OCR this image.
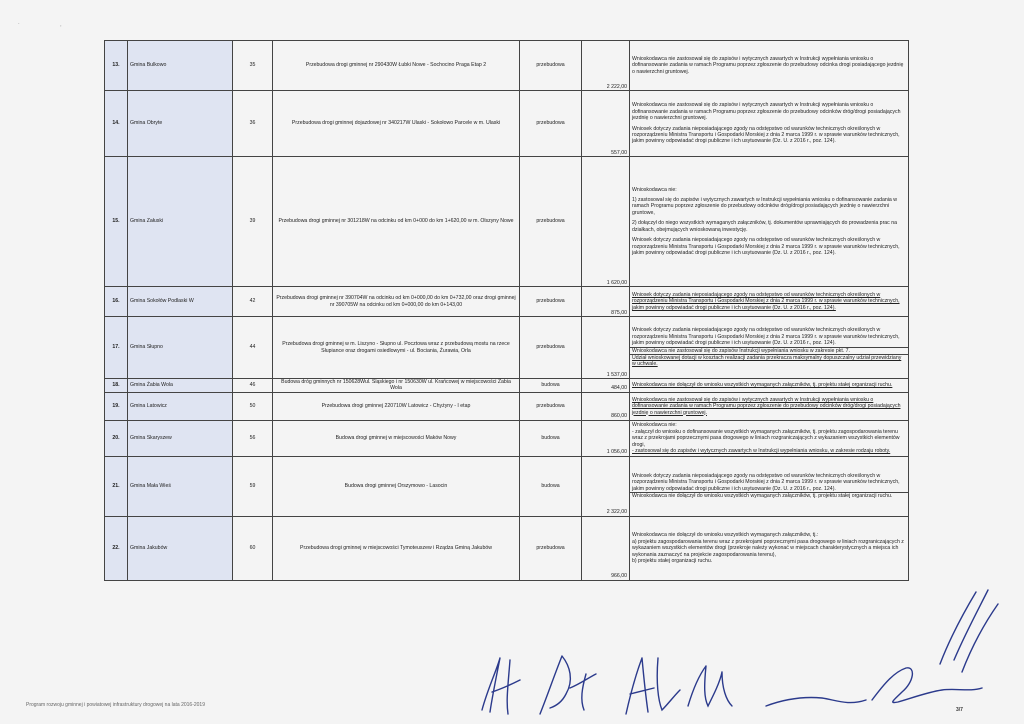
13.	Gmina Bulkowo	35	Przebudowa drogi gminnej nr 290430W Łubki Nowe - Sochocino Praga Etap 2	przebudowa	2 222,00	Wnioskodawca nie zastosował się do zapisów i wytycznych zawartych w Instrukcji wypełniania wniosku o dofinansowanie zadania w ramach Programu poprzez zgłoszenie do przebudowy odcinka drogi posiadającego jezdnię o nawierzchni gruntowej.

14.	Gmina Obryte	36	Przebudowa drogi gminnej dojazdowej nr 340217W Ulaski - Sokołowo Parcele w m. Ulaski	przebudowa	557,00	Wnioskodawca nie zastosował się do zapisów i wytycznych zawartych w Instrukcji wypełniania wniosku o dofinansowanie zadania w ramach Programu poprzez zgłoszenie do przebudowy odcinków dróg/drogi posiadających jezdnię o nawierzchni gruntowej.
Wniosek dotyczy zadania nieposiadającego zgody na odstępstwo od warunków technicznych określonych w rozporządzeniu Ministra Transportu i Gospodarki Morskiej z dnia 2 marca 1999 r. w sprawie warunków technicznych, jakim powinny odpowiadać drogi publiczne i ich usytuowanie (Dz. U. z 2016 r., poz. 124).

15.	Gmina Załuski	39	Przebudowa drogi gminnej nr 301218W na odcinku od km 0+000 do km 1+620,00 w m. Olszyny Nowe	przebudowa	1 620,00	Wnioskodawca nie:
1) zastosował się do zapisów i wytycznych zawartych w Instrukcji wypełniania wniosku o dofinansowanie zadania w ramach Programu poprzez zgłoszenie do przebudowy odcinków dróg/drogi posiadających jezdnię o nawierzchni gruntowe,
2) dołączył do niego wszystkich wymaganych załączników, tj. dokumentów uprawniających do prowadzenia prac na działkach, obejmujących wnioskowaną inwestycję.
Wniosek dotyczy zadania nieposiadającego zgody na odstępstwo od warunków technicznych określonych w rozporządzeniu Ministra Transportu i Gospodarki Morskiej z dnia 2 marca 1999 r. w sprawie warunków technicznych, jakim powinny odpowiadać drogi publiczne i ich usytuowanie (Dz. U. z 2016 r., poz. 124).

16.	Gmina Sokołów Podlaski W	42	Przebudowa drogi gminnej nr 390704W na odcinku od km 0+000,00 do km 0+732,00 oraz drogi gminnej nr 390705W na odcinku od km 0+000,00 do km 0+143,00	przebudowa	875,00	Wniosek dotyczy zadania nieposiadającego zgody na odstępstwo od warunków technicznych określonych w rozporządzeniu Ministra Transportu i Gospodarki Morskiej z dnia 2 marca 1999 r. w sprawie warunków technicznych, jakim powinny odpowiadać drogi publiczne i ich usytuowanie (Dz. U. z 2016 r., poz. 124).

17.	Gmina Słupno	44	Przebudowa drogi gminnej w m. Liszyno - Słupno ul. Pocztowa wraz z przebudową mostu na rzece Słupiance oraz drogami osiedlowymi - ul. Bociania, Żurawia, Orla	przebudowa	1 537,00	Wniosek dotyczy zadania nieposiadającego zgody na odstępstwo od warunków technicznych określonych w rozporządzeniu Ministra Transportu i Gospodarki Morskiej z dnia 2 marca 1999 r. w sprawie warunków technicznych, jakim powinny odpowiadać drogi publiczne i ich usytuowanie (Dz. U. z 2016 r., poz. 124).
Wnioskodawca nie zastosował się do zapisów Instrukcji wypełniania wniosku w zakresie pkt. 7.
Udział wnioskowanej dotacji w kosztach realizacji zadania przekracza maksymalny dopuszczalny udział przewidziany w uchwale.

18.	Gmina Żabia Wola	46	Budowa dróg gminnych nr 150628Wul. Śląskiego i nr 150630W ul. Krańcowej w miejscowości Żabia Wola	budowa	484,00	Wnioskodawca nie dołączył do wniosku wszystkich wymaganych załączników, tj. projektu stałej organizacji ruchu.

19.	Gmina Latowicz	50	Przebudowa drogi gminnej 220710W Latowicz - Chyżyny - I etap	przebudowa	860,00	Wnioskodawca nie zastosował się do zapisów i wytycznych zawartych w Instrukcji wypełniania wniosku o dofinansowanie zadania w ramach Programu poprzez zgłoszenie do przebudowy odcinków dróg/drogi posiadających jezdnię o nawierzchni gruntowej.

20.	Gmina Skaryszew	56	Budowa drogi gminnej w miejscowości Maków Nowy	budowa	1 056,00	Wnioskodawca nie:
- załączył do wniosku o dofinansowanie wszystkich wymaganych załączników, tj. projektu zagospodarowania terenu wraz z przekrojami poprzecznymi pasa drogowego w liniach rozgraniczających z wykazaniem wszystkich elementów drogi,
- zastosował się do zapisów i wytycznych zawartych w Instrukcji wypełniania wniosku, w zakresie rodzaju roboty.

21.	Gmina Mała Wieś	59	Budowa drogi gminnej Orszymowo - Lasocin	budowa	2 322,00	Wniosek dotyczy zadania nieposiadającego zgody na odstępstwo od warunków technicznych określonych w rozporządzeniu Ministra Transportu i Gospodarki Morskiej z dnia 2 marca 1999 r. w sprawie warunków technicznych, jakim powinny odpowiadać drogi publiczne i ich usytuowanie (Dz. U. z 2016 r., poz. 124).
Wnioskodawca nie dołączył do wniosku wszystkich wymaganych załączników, tj. projektu stałej organizacji ruchu.

22.	Gmina Jakubów	60	Przebudowa drogi gminnej w miejscowości Tymoteuszew i Rządza Gminą Jakubów	przebudowa	966,00	Wnioskodawca nie dołączył do wniosku wszystkich wymaganych załączników, tj.:
a) projektu zagospodarowania terenu wraz z przekrojami poprzecznymi pasa drogowego w liniach rozgraniczających z wykazaniem wszystkich elementów drogi (przekroje należy wykonać w miejscach charakterystycznych a miejsca ich wykonania zaznaczyć na projekcie zagospodarowania terenu),
b) projektu stałej organizacji ruchu.
Program rozwoju gminnej i powiatowej infrastruktury drogowej na lata 2016-2019
3/7
.	,
